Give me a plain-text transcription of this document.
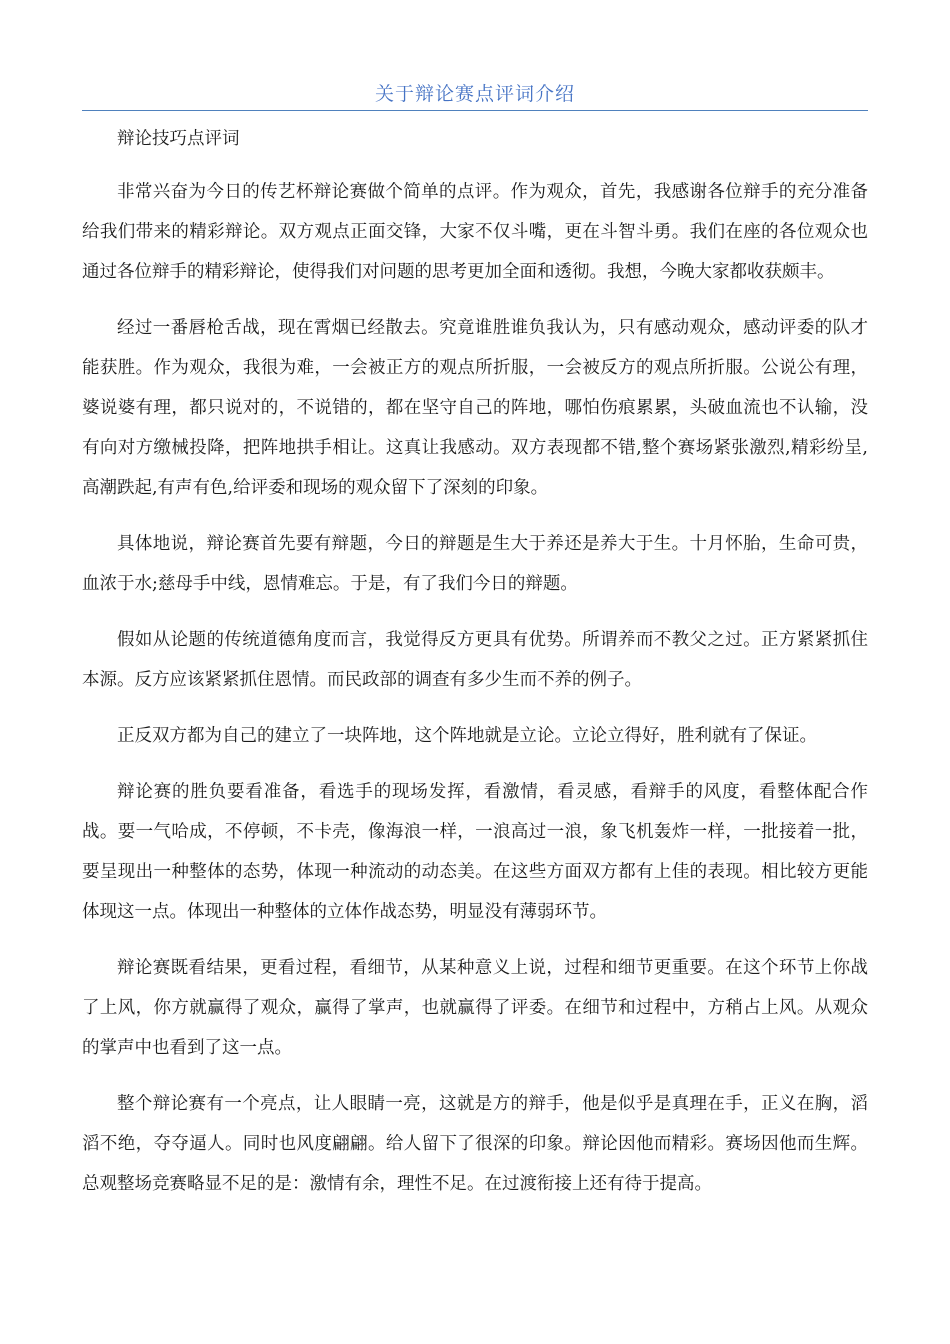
关于辩论赛点评词介绍

辩论技巧点评词

非常兴奋为今日的传艺杯辩论赛做个简单的点评。作为观众，首先，我感谢各位辩手的充分准备给我们带来的精彩辩论。双方观点正面交锋，大家不仅斗嘴，更在斗智斗勇。我们在座的各位观众也通过各位辩手的精彩辩论，使得我们对问题的思考更加全面和透彻。我想，今晚大家都收获颇丰。

经过一番唇枪舌战，现在霄烟已经散去。究竟谁胜谁负我认为，只有感动观众，感动评委的队才能获胜。作为观众，我很为难，一会被正方的观点所折服，一会被反方的观点所折服。公说公有理，婆说婆有理，都只说对的，不说错的，都在坚守自己的阵地，哪怕伤痕累累，头破血流也不认输，没有向对方缴械投降，把阵地拱手相让。这真让我感动。双方表现都不错,整个赛场紧张激烈,精彩纷呈,高潮跌起,有声有色,给评委和现场的观众留下了深刻的印象。

具体地说，辩论赛首先要有辩题，今日的辩题是生大于养还是养大于生。十月怀胎，生命可贵，血浓于水;慈母手中线，恩情难忘。于是，有了我们今日的辩题。

假如从论题的传统道德角度而言，我觉得反方更具有优势。所谓养而不教父之过。正方紧紧抓住本源。反方应该紧紧抓住恩情。而民政部的调查有多少生而不养的例子。

正反双方都为自己的建立了一块阵地，这个阵地就是立论。立论立得好，胜利就有了保证。

辩论赛的胜负要看准备，看选手的现场发挥，看激情，看灵感，看辩手的风度，看整体配合作战。要一气哈成，不停顿，不卡壳，像海浪一样，一浪高过一浪，象飞机轰炸一样，一批接着一批，要呈现出一种整体的态势，体现一种流动的动态美。在这些方面双方都有上佳的表现。相比较方更能体现这一点。体现出一种整体的立体作战态势，明显没有薄弱环节。

辩论赛既看结果，更看过程，看细节，从某种意义上说，过程和细节更重要。在这个环节上你战了上风，你方就赢得了观众，赢得了掌声，也就赢得了评委。在细节和过程中，方稍占上风。从观众的掌声中也看到了这一点。

整个辩论赛有一个亮点，让人眼睛一亮，这就是方的辩手，他是似乎是真理在手，正义在胸，滔滔不绝，夺夺逼人。同时也风度翩翩。给人留下了很深的印象。辩论因他而精彩。赛场因他而生辉。总观整场竞赛略显不足的是：激情有余，理性不足。在过渡衔接上还有待于提高。
